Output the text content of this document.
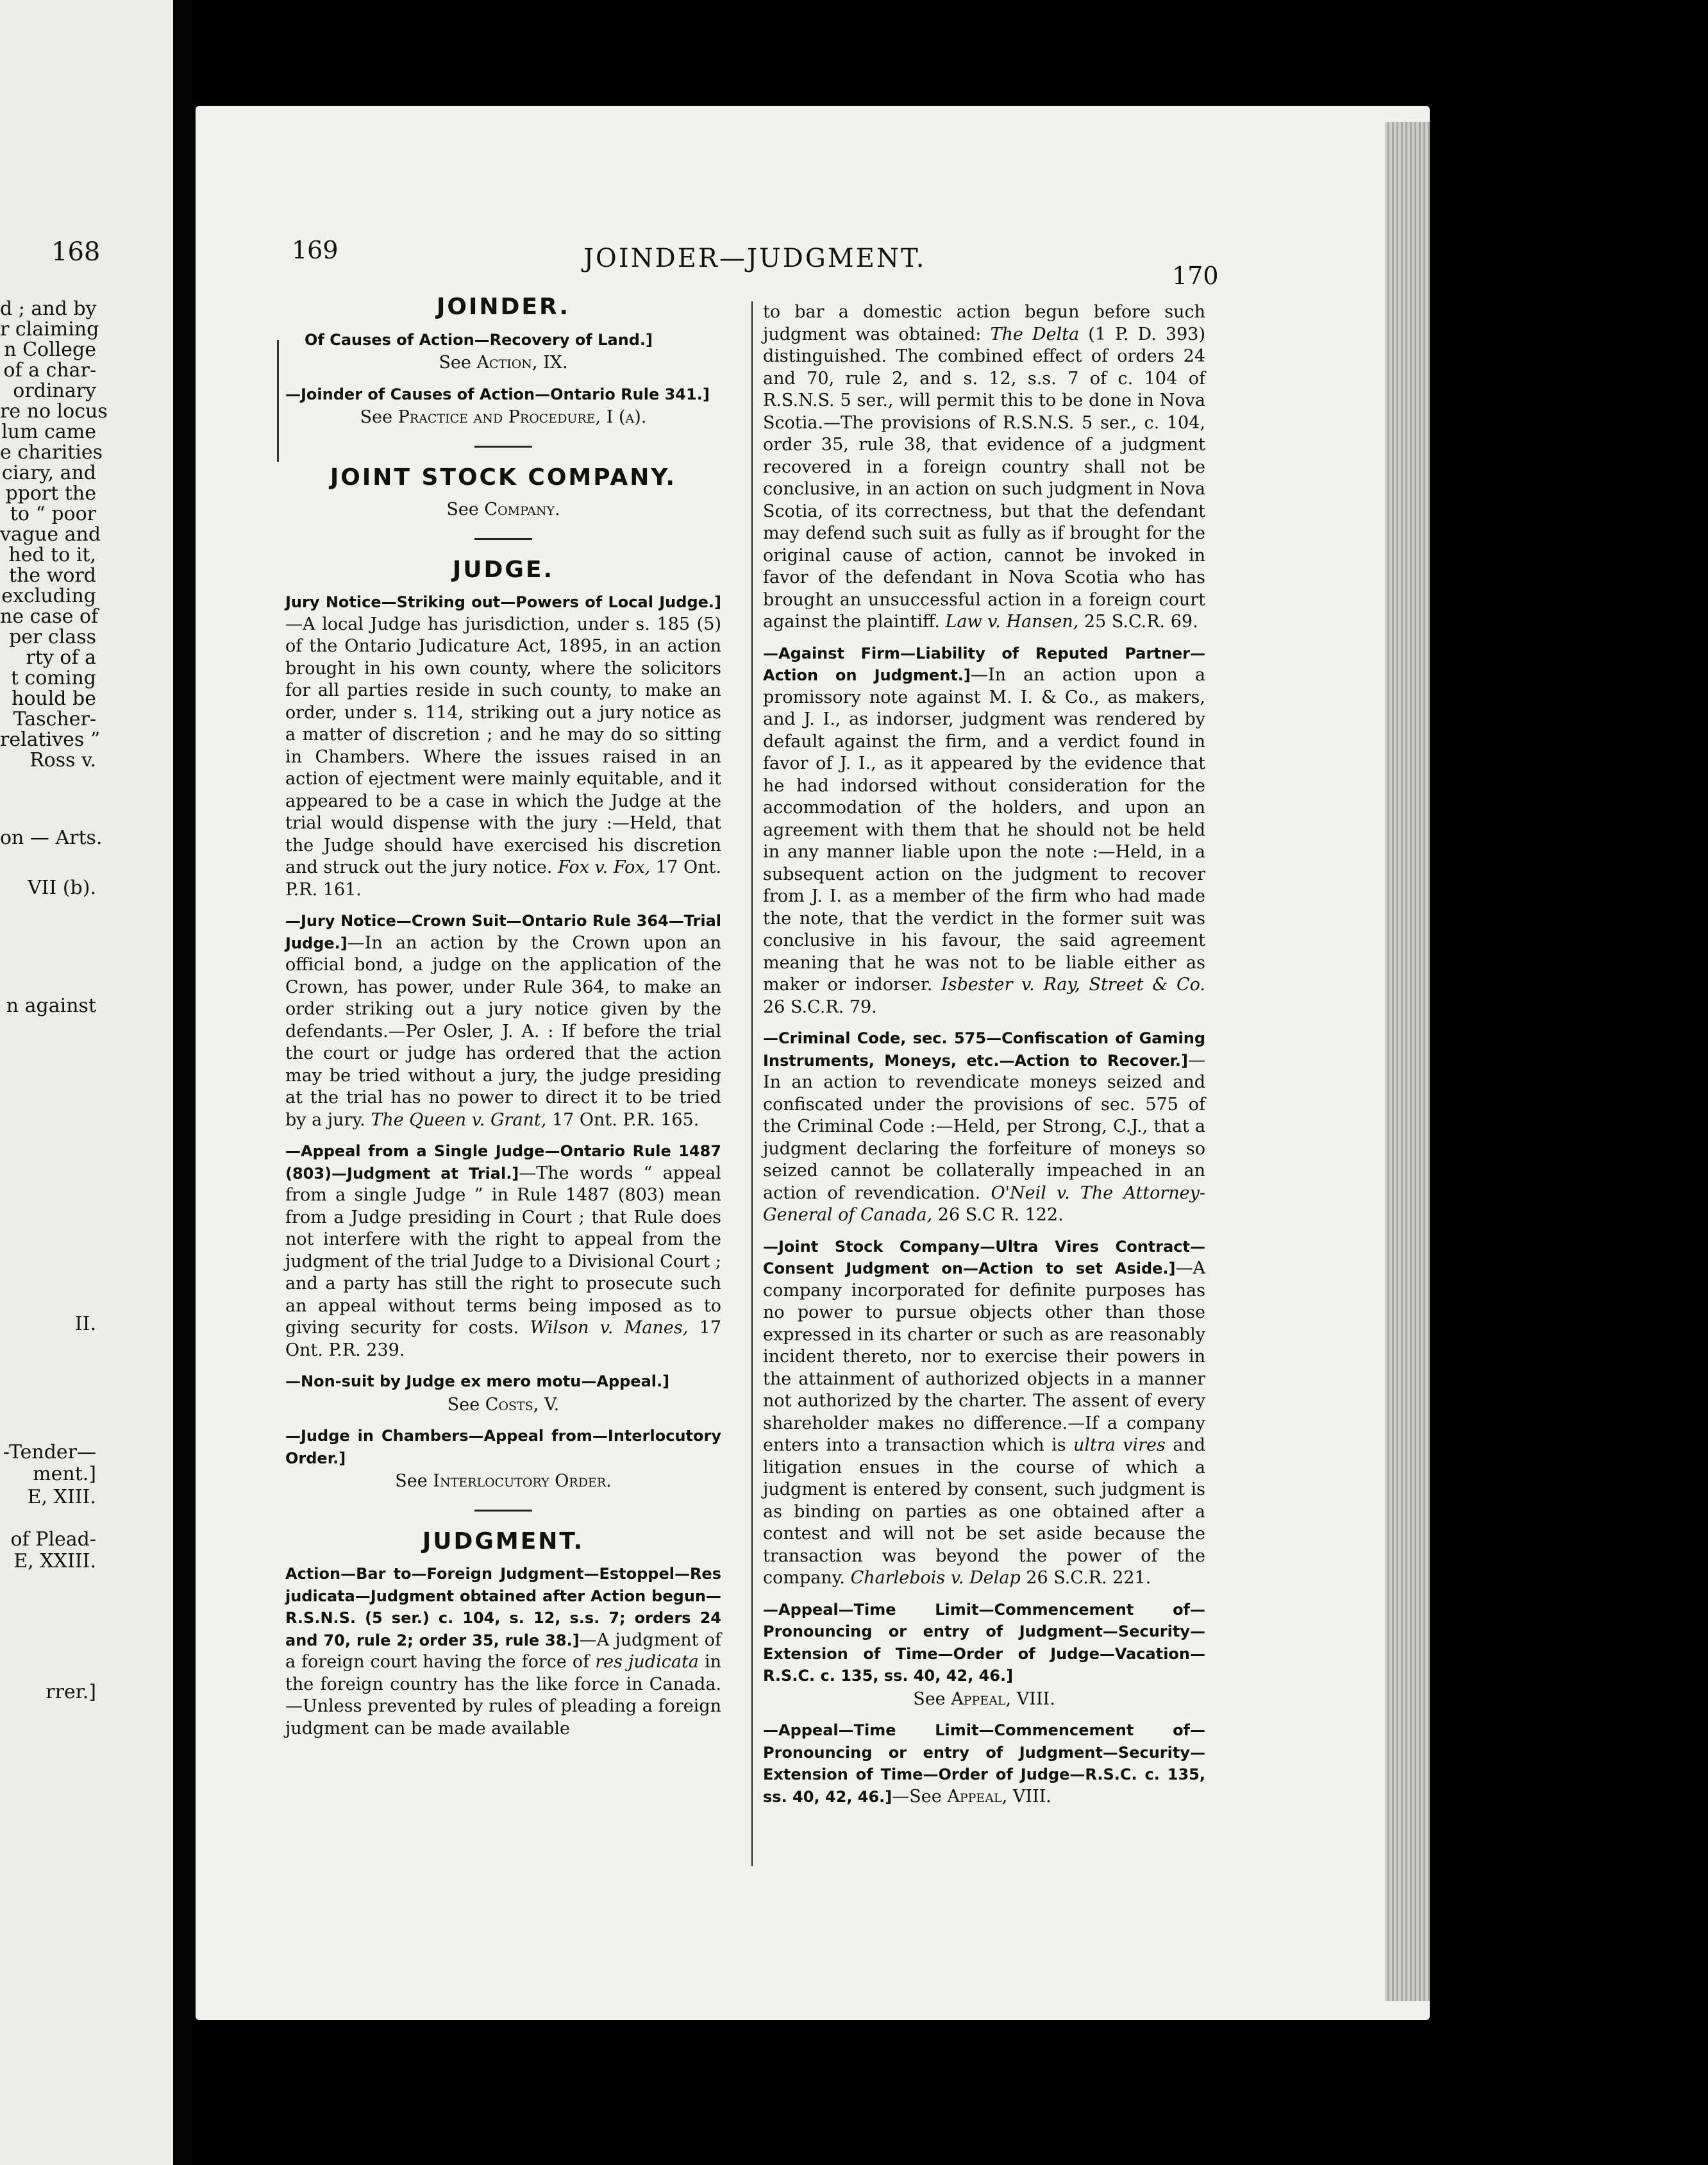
168
d ; and by
r claiming
n College
of a char-
ordinary
re no locus
lum came
e charities
ciary, and
pport the
to “ poor
vague and
hed to it,
the word
excluding
ne case of
per class
rty of a
t coming
hould be
Tascher-
relatives ”
Ross v.
on — Arts.
VII (b).
n against
II.
-Tender—
ment.]
E, XIII.
of Plead-
E, XXIII.
rrer.]
169	JOINDER—JUDGMENT.
170
JOINDER.

Of Causes of Action—Recovery of Land.]

See Action, IX.

—Joinder of Causes of Action—Ontario Rule 341.]

See Practice and Procedure, I (a).

JOINT STOCK COMPANY.

See Company.

JUDGE.

Jury Notice—Striking out—Powers of Local Judge.]—A local Judge has jurisdiction, under s. 185 (5) of the Ontario Judicature Act, 1895, in an action brought in his own county, where the solicitors for all parties reside in such county, to make an order, under s. 114, striking out a jury notice as a matter of discretion ; and he may do so sitting in Chambers. Where the issues raised in an action of ejectment were mainly equitable, and it appeared to be a case in which the Judge at the trial would dispense with the jury :—Held, that the Judge should have exercised his discretion and struck out the jury notice. Fox v. Fox, 17 Ont. P.R. 161.

—Jury Notice—Crown Suit—Ontario Rule 364—Trial Judge.]—In an action by the Crown upon an official bond, a judge on the application of the Crown, has power, under Rule 364, to make an order striking out a jury notice given by the defendants.—Per Osler, J. A. : If before the trial the court or judge has ordered that the action may be tried without a jury, the judge presiding at the trial has no power to direct it to be tried by a jury. The Queen v. Grant, 17 Ont. P.R. 165.

—Appeal from a Single Judge—Ontario Rule 1487 (803)—Judgment at Trial.]—The words “ appeal from a single Judge ” in Rule 1487 (803) mean from a Judge presiding in Court ; that Rule does not interfere with the right to appeal from the judgment of the trial Judge to a Divisional Court ; and a party has still the right to prosecute such an appeal without terms being imposed as to giving security for costs. Wilson v. Manes, 17 Ont. P.R. 239.

—Non-suit by Judge ex mero motu—Appeal.]

See Costs, V.

—Judge in Chambers—Appeal from—Interlocutory Order.]

See Interlocutory Order.

JUDGMENT.

Action—Bar to—Foreign Judgment—Estoppel—Res judicata—Judgment obtained after Action begun—R.S.N.S. (5 ser.) c. 104, s. 12, s.s. 7; orders 24 and 70, rule 2; order 35, rule 38.]—A judgment of a foreign court having the force of res judicata in the foreign country has the like force in Canada.—Unless prevented by rules of pleading a foreign judgment can be made available

to bar a domestic action begun before such judgment was obtained: The Delta (1 P. D. 393) distinguished. The combined effect of orders 24 and 70, rule 2, and s. 12, s.s. 7 of c. 104 of R.S.N.S. 5 ser., will permit this to be done in Nova Scotia.—The provisions of R.S.N.S. 5 ser., c. 104, order 35, rule 38, that evidence of a judgment recovered in a foreign country shall not be conclusive, in an action on such judgment in Nova Scotia, of its correctness, but that the defendant may defend such suit as fully as if brought for the original cause of action, cannot be invoked in favor of the defendant in Nova Scotia who has brought an unsuccessful action in a foreign court against the plaintiff. Law v. Hansen, 25 S.C.R. 69.

—Against Firm—Liability of Reputed Partner—Action on Judgment.]—In an action upon a promissory note against M. I. & Co., as makers, and J. I., as indorser, judgment was rendered by default against the firm, and a verdict found in favor of J. I., as it appeared by the evidence that he had indorsed without consideration for the accommodation of the holders, and upon an agreement with them that he should not be held in any manner liable upon the note :—Held, in a subsequent action on the judgment to recover from J. I. as a member of the firm who had made the note, that the verdict in the former suit was conclusive in his favour, the said agreement meaning that he was not to be liable either as maker or indorser. Isbester v. Ray, Street & Co. 26 S.C.R. 79.

—Criminal Code, sec. 575—Confiscation of Gaming Instruments, Moneys, etc.—Action to Recover.]—In an action to revendicate moneys seized and confiscated under the provisions of sec. 575 of the Criminal Code :—Held, per Strong, C.J., that a judgment declaring the forfeiture of moneys so seized cannot be collaterally impeached in an action of revendication. O'Neil v. The Attorney-General of Canada, 26 S.C R. 122.

—Joint Stock Company—Ultra Vires Contract—Consent Judgment on—Action to set Aside.]—A company incorporated for definite purposes has no power to pursue objects other than those expressed in its charter or such as are reasonably incident thereto, nor to exercise their powers in the attainment of authorized objects in a manner not authorized by the charter. The assent of every shareholder makes no difference.—If a company enters into a transaction which is ultra vires and litigation ensues in the course of which a judgment is entered by consent, such judgment is as binding on parties as one obtained after a contest and will not be set aside because the transaction was beyond the power of the company. Charlebois v. Delap 26 S.C.R. 221.

—Appeal—Time Limit—Commencement of—Pronouncing or entry of Judgment—Security—Extension of Time—Order of Judge—Vacation—R.S.C. c. 135, ss. 40, 42, 46.]

See Appeal, VIII.

—Appeal—Time Limit—Commencement of—Pronouncing or entry of Judgment—Security—Extension of Time—Order of Judge—R.S.C. c. 135, ss. 40, 42, 46.]—See Appeal, VIII.
